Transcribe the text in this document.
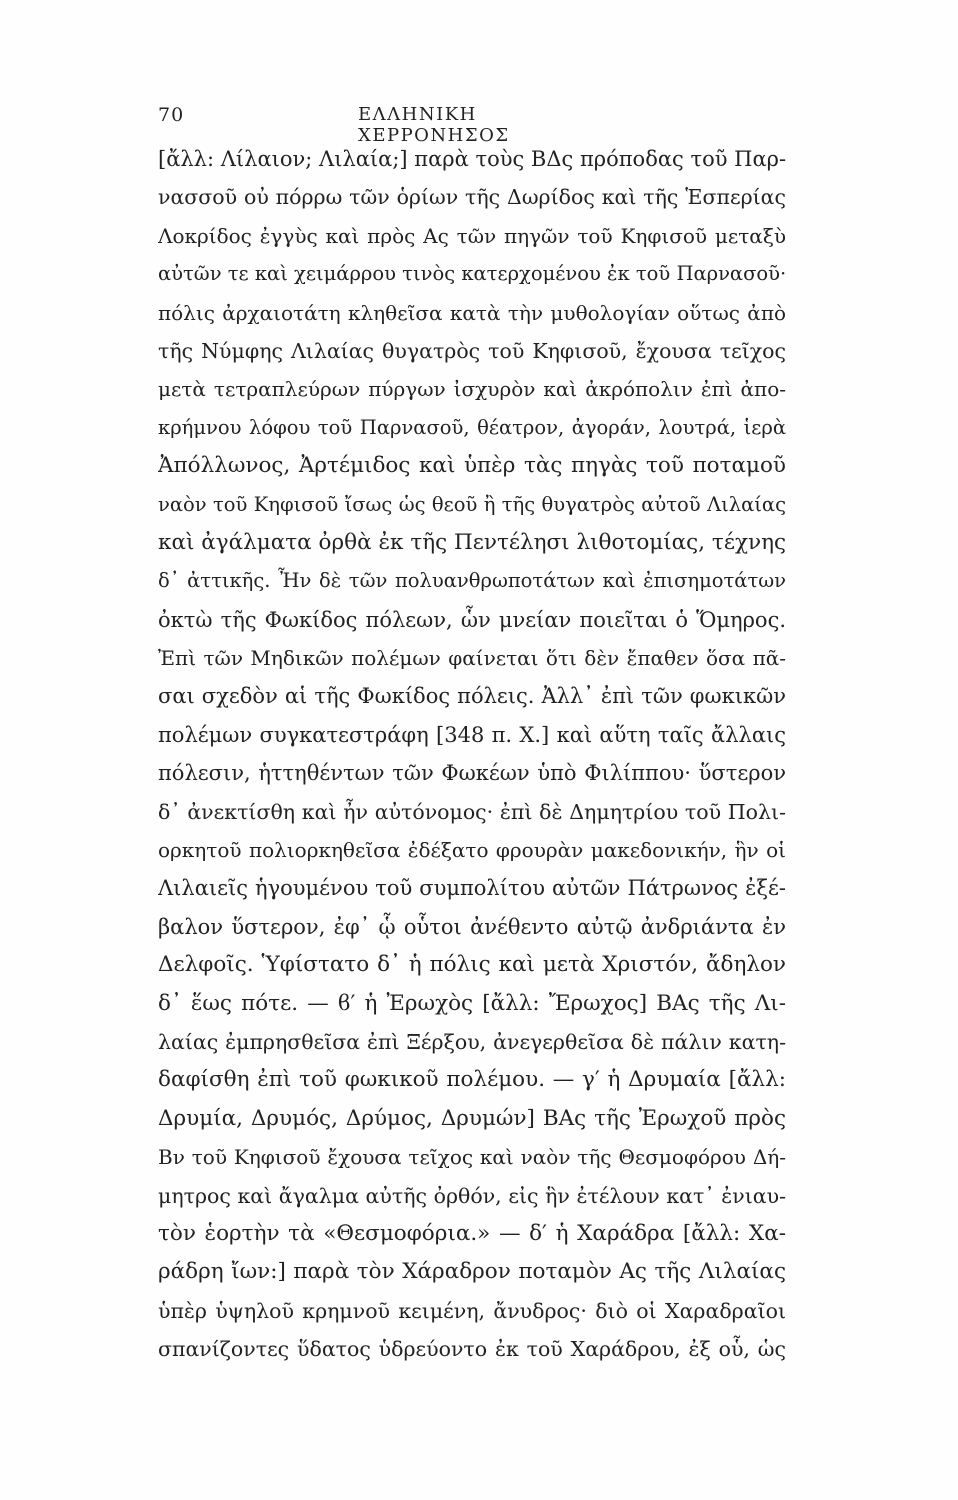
70	ΕΛΛΗΝΙΚΗ ΧΕΡΡΟΝΗΣΟΣ
[ἄλλ: Λίλαιον; Λιλαία;] παρὰ τοὺς ΒΔς πρόποδας τοῦ Παρ-
νασσοῦ οὐ πόρρω τῶν ὁρίων τῆς Δωρίδος καὶ τῆς Ἑσπερίας
Λοκρίδος ἐγγὺς καὶ πρὸς Ας τῶν πηγῶν τοῦ Κηφισοῦ μεταξὺ
αὐτῶν τε καὶ χειμάρρου τινὸς κατερχομένου ἐκ τοῦ Παρνασοῦ·
πόλις ἀρχαιοτάτη κληθεῖσα κατὰ τὴν μυθολογίαν οὕτως ἀπὸ
τῆς Νύμφης Λιλαίας θυγατρὸς τοῦ Κηφισοῦ, ἔχουσα τεῖχος
μετὰ τετραπλεύρων πύργων ἰσχυρὸν καὶ ἀκρόπολιν ἐπὶ ἀπο-
κρήμνου λόφου τοῦ Παρνασοῦ, θέατρον, ἀγοράν, λουτρά, ἱερὰ
Ἀπόλλωνος, Ἀρτέμιδος καὶ ὑπὲρ τὰς πηγὰς τοῦ ποταμοῦ
ναὸν τοῦ Κηφισοῦ ἴσως ὡς θεοῦ ἢ τῆς θυγατρὸς αὐτοῦ Λιλαίας
καὶ ἀγάλματα ὀρθὰ ἐκ τῆς Πεντέλησι λιθοτομίας, τέχνης
δ᾿ ἀττικῆς. Ἦν δὲ τῶν πολυανθρωποτάτων καὶ ἐπισημοτάτων
ὀκτὼ τῆς Φωκίδος πόλεων, ὧν μνείαν ποιεῖται ὁ Ὅμηρος.
Ἐπὶ τῶν Μηδικῶν πολέμων φαίνεται ὅτι δὲν ἔπαθεν ὅσα πᾶ-
σαι σχεδὸν αἱ τῆς Φωκίδος πόλεις. Ἀλλ᾿ ἐπὶ τῶν φωκικῶν
πολέμων συγκατεστράφη [348 π. Χ.] καὶ αὕτη ταῖς ἄλλαις
πόλεσιν, ἡττηθέντων τῶν Φωκέων ὑπὸ Φιλίππου· ὕστερον
δ᾿ ἀνεκτίσθη καὶ ἦν αὐτόνομος· ἐπὶ δὲ Δημητρίου τοῦ Πολι-
ορκητοῦ πολιορκηθεῖσα ἐδέξατο φρουρὰν μακεδονικήν, ἣν οἱ
Λιλαιεῖς ἡγουμένου τοῦ συμπολίτου αὐτῶν Πάτρωνος ἐξέ-
βαλον ὕστερον, ἐφ᾿ ᾧ οὗτοι ἀνέθεντο αὐτῷ ἀνδριάντα ἐν
Δελφοῖς. Ὑφίστατο δ᾿ ἡ πόλις καὶ μετὰ Χριστόν, ἄδηλον
δ᾿ ἕως πότε. — ϐ′ ἡ Ἐρωχὸς [ἄλλ: Ἔρωχος] ΒΑς τῆς Λι-
λαίας ἐμπρησθεῖσα ἐπὶ Ξέρξου, ἀνεγερθεῖσα δὲ πάλιν κατη-
δαφίσθη ἐπὶ τοῦ φωκικοῦ πολέμου. — γ′ ἡ Δρυμαία [ἄλλ:
Δρυμία, Δρυμός, Δρύμος, Δρυμών] ΒΑς τῆς Ἐρωχοῦ πρὸς
Βν τοῦ Κηφισοῦ ἔχουσα τεῖχος καὶ ναὸν τῆς Θεσμοφόρου Δή-
μητρος καὶ ἄγαλμα αὐτῆς ὀρθόν, εἰς ἣν ἐτέλουν κατ᾿ ἐνιαυ-
τὸν ἑορτὴν τὰ «Θεσμοφόρια.» — δ′ ἡ Χαράδρα [ἄλλ: Χα-
ράδρη ἴων:] παρὰ τὸν Χάραδρον ποταμὸν Ας τῆς Λιλαίας
ὑπὲρ ὑψηλοῦ κρημνοῦ κειμένη, ἄνυδρος· διὸ οἱ Χαραδραῖοι
σπανίζοντες ὕδατος ὑδρεύοντο ἐκ τοῦ Χαράδρου, ἐξ οὗ, ὡς
